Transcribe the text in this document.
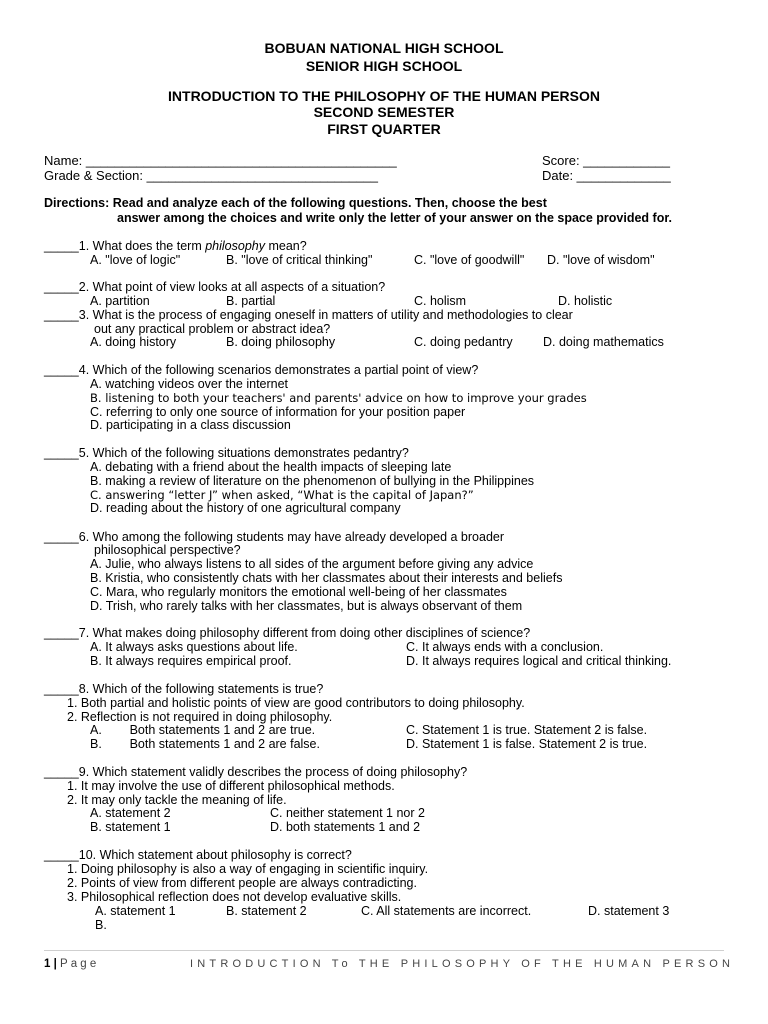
BOBUAN NATIONAL HIGH SCHOOL
SENIOR HIGH SCHOOL
INTRODUCTION TO THE PHILOSOPHY OF THE HUMAN PERSON
SECOND SEMESTER
FIRST QUARTER
Name: ___________________________________________	Score: ____________
Grade & Section: ________________________________	Date: _____________
Directions: Read and analyze each of the following questions. Then, choose the best
answer among the choices and write only the letter of your answer on the space provided for.
_____1. What does the term philosophy mean?
A. "love of logic"	B. "love of critical thinking"	C. "love of goodwill" D. "love of wisdom"
_____2. What point of view looks at all aspects of a situation?
A. partition	B. partial	C. holism	D. holistic
_____3. What is the process of engaging oneself in matters of utility and methodologies to clear
out any practical problem or abstract idea?
A. doing history	B. doing philosophy	C. doing pedantry D. doing mathematics
_____4. Which of the following scenarios demonstrates a partial point of view?
A. watching videos over the internet
B. listening to both your teachers' and parents' advice on how to improve your grades
C. referring to only one source of information for your position paper
D. participating in a class discussion
_____5. Which of the following situations demonstrates pedantry?
A. debating with a friend about the health impacts of sleeping late
B. making a review of literature on the phenomenon of bullying in the Philippines
C. answering “letter J” when asked, “What is the capital of Japan?”
D. reading about the history of one agricultural company
_____6. Who among the following students may have already developed a broader
philosophical perspective?
A. Julie, who always listens to all sides of the argument before giving any advice
B. Kristia, who consistently chats with her classmates about their interests and beliefs
C. Mara, who regularly monitors the emotional well-being of her classmates
D. Trish, who rarely talks with her classmates, but is always observant of them
_____7. What makes doing philosophy different from doing other disciplines of science?
A. It always asks questions about life.
B. It always requires empirical proof.
C. It always ends with a conclusion.
D. It always requires logical and critical thinking.
_____8. Which of the following statements is true?
1. Both partial and holistic points of view are good contributors to doing philosophy.
2. Reflection is not required in doing philosophy.
A.        Both statements 1 and 2 are true.
B.        Both statements 1 and 2 are false.
C. Statement 1 is true. Statement 2 is false.
D. Statement 1 is false. Statement 2 is true.
_____9. Which statement validly describes the process of doing philosophy?
1. It may involve the use of different philosophical methods.
2. It may only tackle the meaning of life.
A. statement 2
B. statement 1
C. neither statement 1 nor 2
D. both statements 1 and 2
_____10. Which statement about philosophy is correct?
1. Doing philosophy is also a way of engaging in scientific inquiry.
2. Points of view from different people are always contradicting.
3. Philosophical reflection does not develop evaluative skills.
A. statement 1	B. statement 2	C. All statements are incorrect.	D. statement 3
B.
1 | P a g e	INTRODUCTION To THE PHILOSOPHY OF THE HUMAN PERSON
